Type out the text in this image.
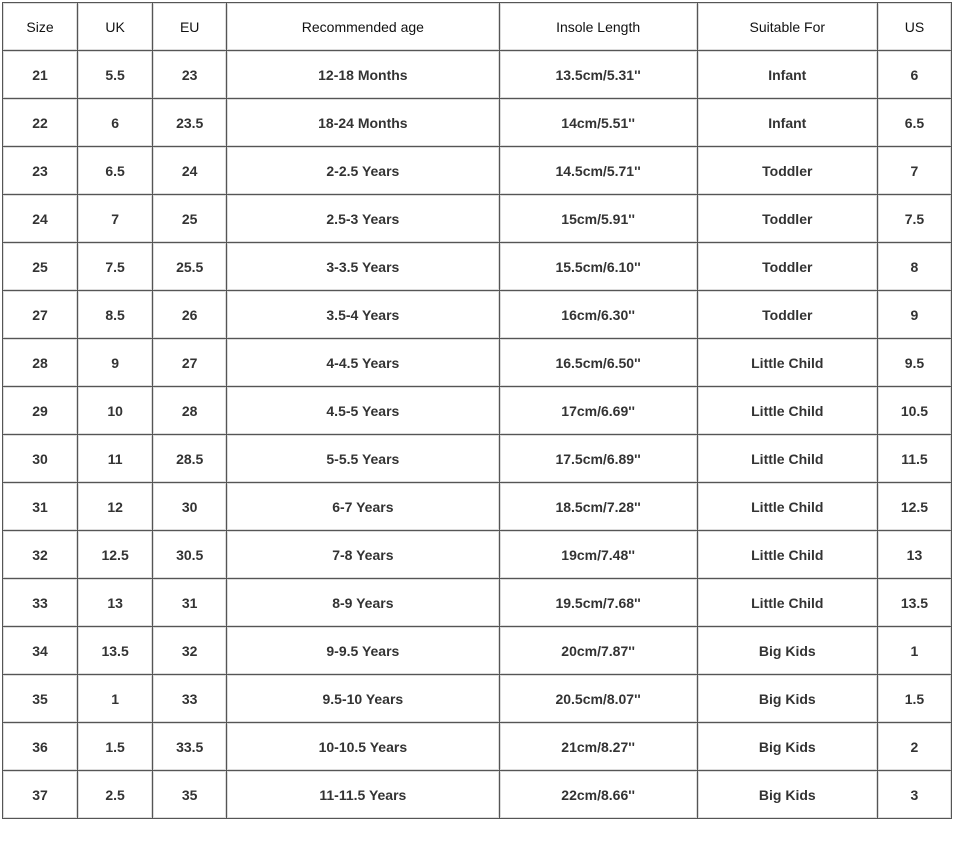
Size	UK	EU	Recommended age	Insole Length	Suitable For	US
21	5.5	23	12-18 Months	13.5cm/5.31''	Infant	6
22	6	23.5	18-24 Months	14cm/5.51''	Infant	6.5
23	6.5	24	2-2.5 Years	14.5cm/5.71''	Toddler	7
24	7	25	2.5-3 Years	15cm/5.91''	Toddler	7.5
25	7.5	25.5	3-3.5 Years	15.5cm/6.10''	Toddler	8
27	8.5	26	3.5-4 Years	16cm/6.30''	Toddler	9
28	9	27	4-4.5 Years	16.5cm/6.50''	Little Child	9.5
29	10	28	4.5-5 Years	17cm/6.69''	Little Child	10.5
30	11	28.5	5-5.5 Years	17.5cm/6.89''	Little Child	11.5
31	12	30	6-7 Years	18.5cm/7.28''	Little Child	12.5
32	12.5	30.5	7-8 Years	19cm/7.48''	Little Child	13
33	13	31	8-9 Years	19.5cm/7.68''	Little Child	13.5
34	13.5	32	9-9.5 Years	20cm/7.87''	Big Kids	1
35	1	33	9.5-10 Years	20.5cm/8.07''	Big Kids	1.5
36	1.5	33.5	10-10.5 Years	21cm/8.27''	Big Kids	2
37	2.5	35	11-11.5 Years	22cm/8.66''	Big Kids	3
